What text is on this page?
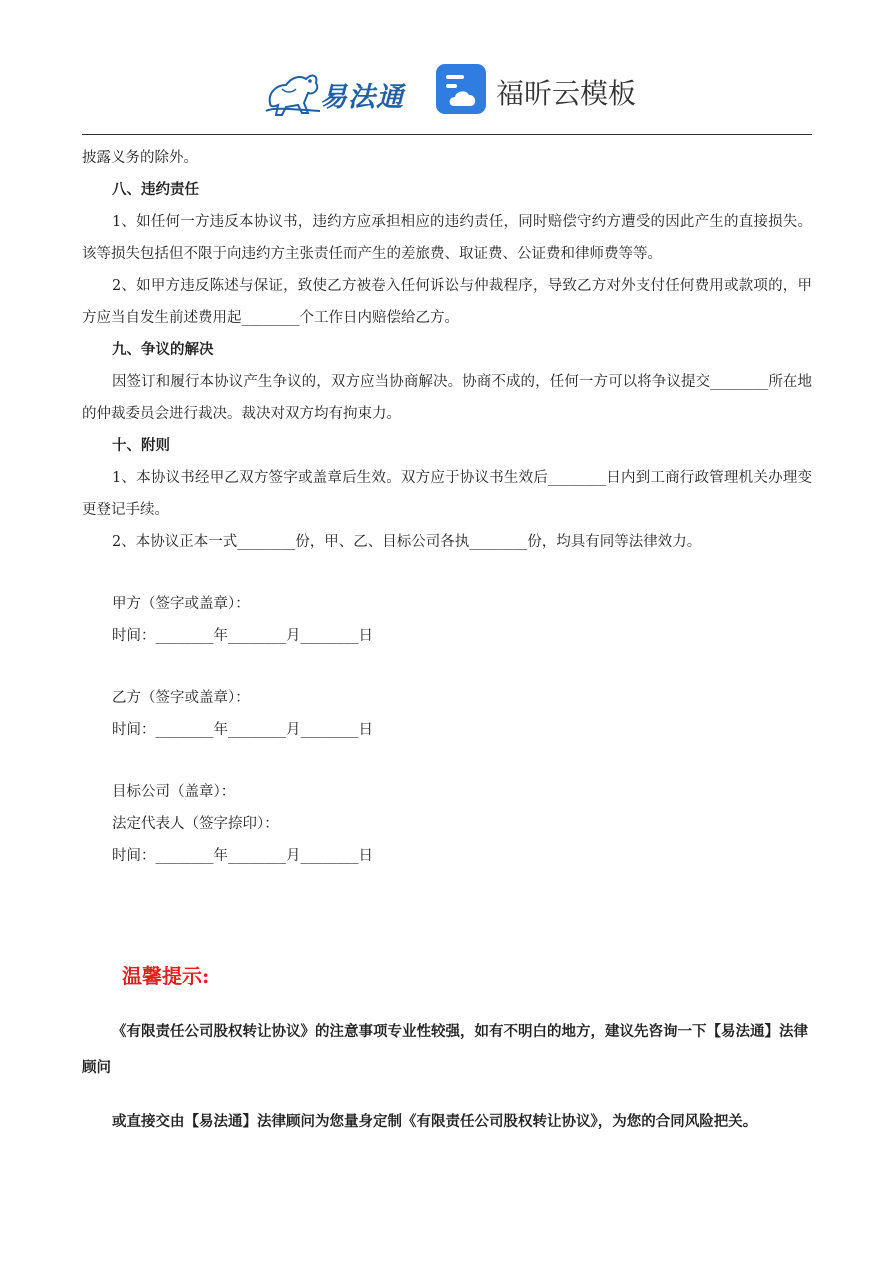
易法通	福昕云模板

披露义务的除外。

八、违约责任

1、如任何一方违反本协议书，违约方应承担相应的违约责任，同时赔偿守约方遭受的因此产生的直接损失。该等损失包括但不限于向违约方主张责任而产生的差旅费、取证费、公证费和律师费等等。

2、如甲方违反陈述与保证，致使乙方被卷入任何诉讼与仲裁程序，导致乙方对外支付任何费用或款项的，甲方应当自发生前述费用起________个工作日内赔偿给乙方。

九、争议的解决

因签订和履行本协议产生争议的，双方应当协商解决。协商不成的，任何一方可以将争议提交________所在地的仲裁委员会进行裁决。裁决对双方均有拘束力。

十、附则

1、本协议书经甲乙双方签字或盖章后生效。双方应于协议书生效后________日内到工商行政管理机关办理变更登记手续。

2、本协议正本一式________份，甲、乙、目标公司各执________份，均具有同等法律效力。

甲方（签字或盖章）：

时间：________年________月________日

乙方（签字或盖章）：

时间：________年________月________日

目标公司（盖章）：

法定代表人（签字捺印）：

时间：________年________月________日

温馨提示:

《有限责任公司股权转让协议》的注意事项专业性较强，如有不明白的地方，建议先咨询一下【易法通】法律顾问

或直接交由【易法通】法律顾问为您量身定制《有限责任公司股权转让协议》，为您的合同风险把关。
